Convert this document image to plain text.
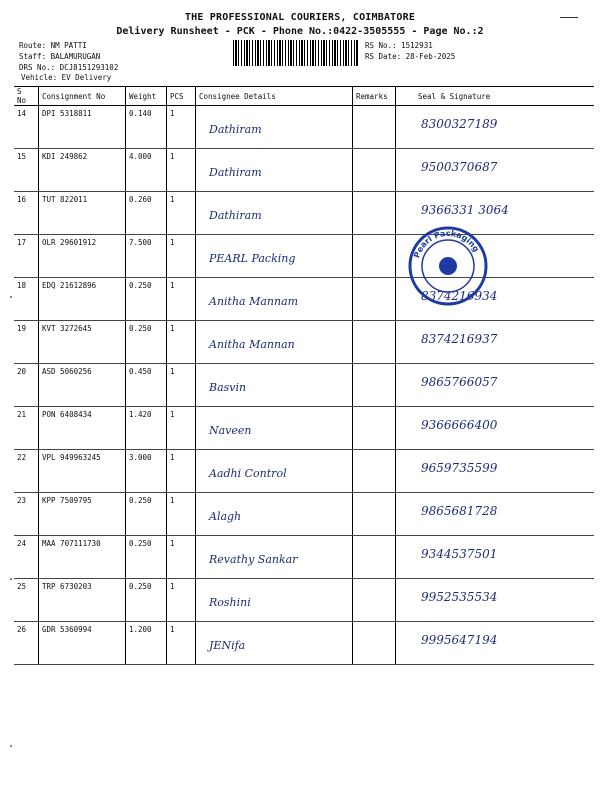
THE PROFESSIONAL COURIERS, COIMBATORE
Delivery Runsheet - PCK - Phone No.:0422-3505555 - Page No.:2
Route: NM PATTI
Staff: BALAMURUGAN
DRS No.: DCJ8151293102
Vehicle: EV Delivery
RS No.: 1512931
RS Date: 28-Feb-2025
S No	Consignment No	Weight	PCS	Consignee Details	Remarks	Seal & Signature
14	DPI 5318811	0.140	1	Dathiram		8300327189

15	KDI 249862	4.000	1	Dathiram		9500370687

16	TUT 822011	0.260	1	Dathiram		9366331 3064

17	OLR 29601912	7.500	1	PEARL Packing		

18	EDQ 21612896	0.250	1	Anitha Mannam		8374216934

19	KVT 3272645	0.250	1	Anitha Mannan		8374216937

20	ASD 5060256	0.450	1	Basvin		9865766057

21	PON 6408434	1.420	1	Naveen		9366666400

22	VPL 949963245	3.000	1	Aadhi Control		9659735599

23	KPP 7509795	0.250	1	Alagh		9865681728

24	MAA 707111730	0.250	1	Revathy Sankar		9344537501

25	TRP 6730203	0.250	1	Roshini		9952535534

26	GDR 5360994	1.200	1	JENifa		9995647194
Pearl Packaging
